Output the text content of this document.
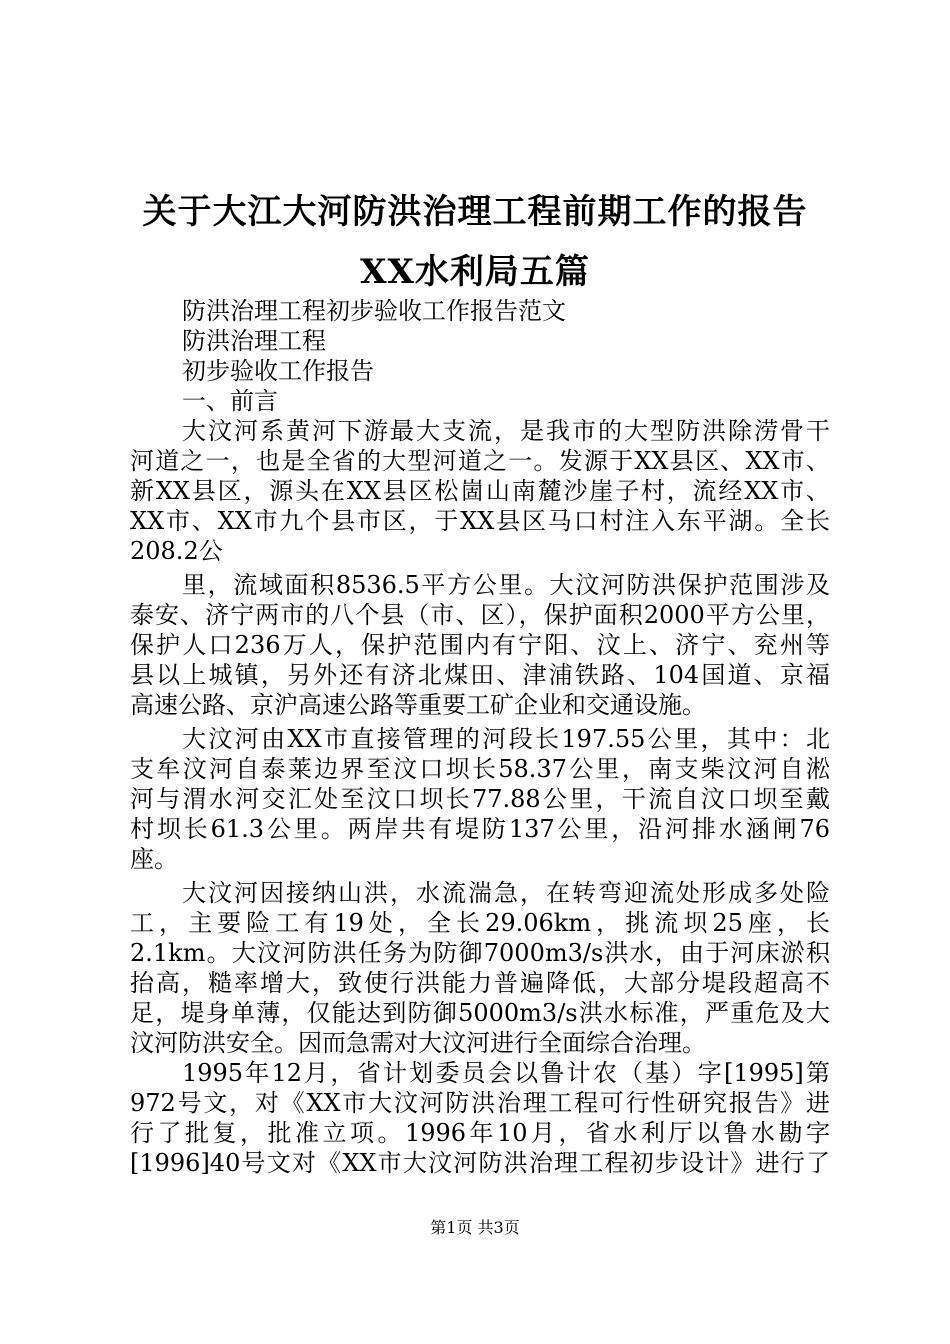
关于大江大河防洪治理工程前期工作的报告
XX水利局五篇
防洪治理工程初步验收工作报告范文
防洪治理工程
初步验收工作报告
一、前言
大汶河系黄河下游最大支流，是我市的大型防洪除涝骨干
河道之一，也是全省的大型河道之一。发源于XX县区、XX市、
新XX县区，源头在XX县区松崮山南麓沙崖子村，流经XX市、
XX市、XX市九个县市区，于XX县区马口村注入东平湖。全长
208.2公
里，流域面积8536.5平方公里。大汶河防洪保护范围涉及
泰安、济宁两市的八个县（市、区），保护面积2000平方公里，
保护人口236万人，保护范围内有宁阳、汶上、济宁、兖州等
县以上城镇，另外还有济北煤田、津浦铁路、104国道、京福
高速公路、京沪高速公路等重要工矿企业和交通设施。
大汶河由XX市直接管理的河段长197.55公里，其中：北
支牟汶河自泰莱边界至汶口坝长58.37公里，南支柴汶河自淞
河与渭水河交汇处至汶口坝长77.88公里，干流自汶口坝至戴
村坝长61.3公里。两岸共有堤防137公里，沿河排水涵闸76
座。
大汶河因接纳山洪，水流湍急，在转弯迎流处形成多处险
工，主要险工有19处，全长29.06km，挑流坝25座，长
2.1km。大汶河防洪任务为防御7000m3/s洪水，由于河床淤积
抬高，糙率增大，致使行洪能力普遍降低，大部分堤段超高不
足，堤身单薄，仅能达到防御5000m3/s洪水标准，严重危及大
汶河防洪安全。因而急需对大汶河进行全面综合治理。
1995年12月，省计划委员会以鲁计农（基）字[1995]第
972号文，对《XX市大汶河防洪治理工程可行性研究报告》进
行了批复，批准立项。1996年10月，省水利厅以鲁水勘字
[1996]40号文对《XX市大汶河防洪治理工程初步设计》进行了
第1页 共3页
